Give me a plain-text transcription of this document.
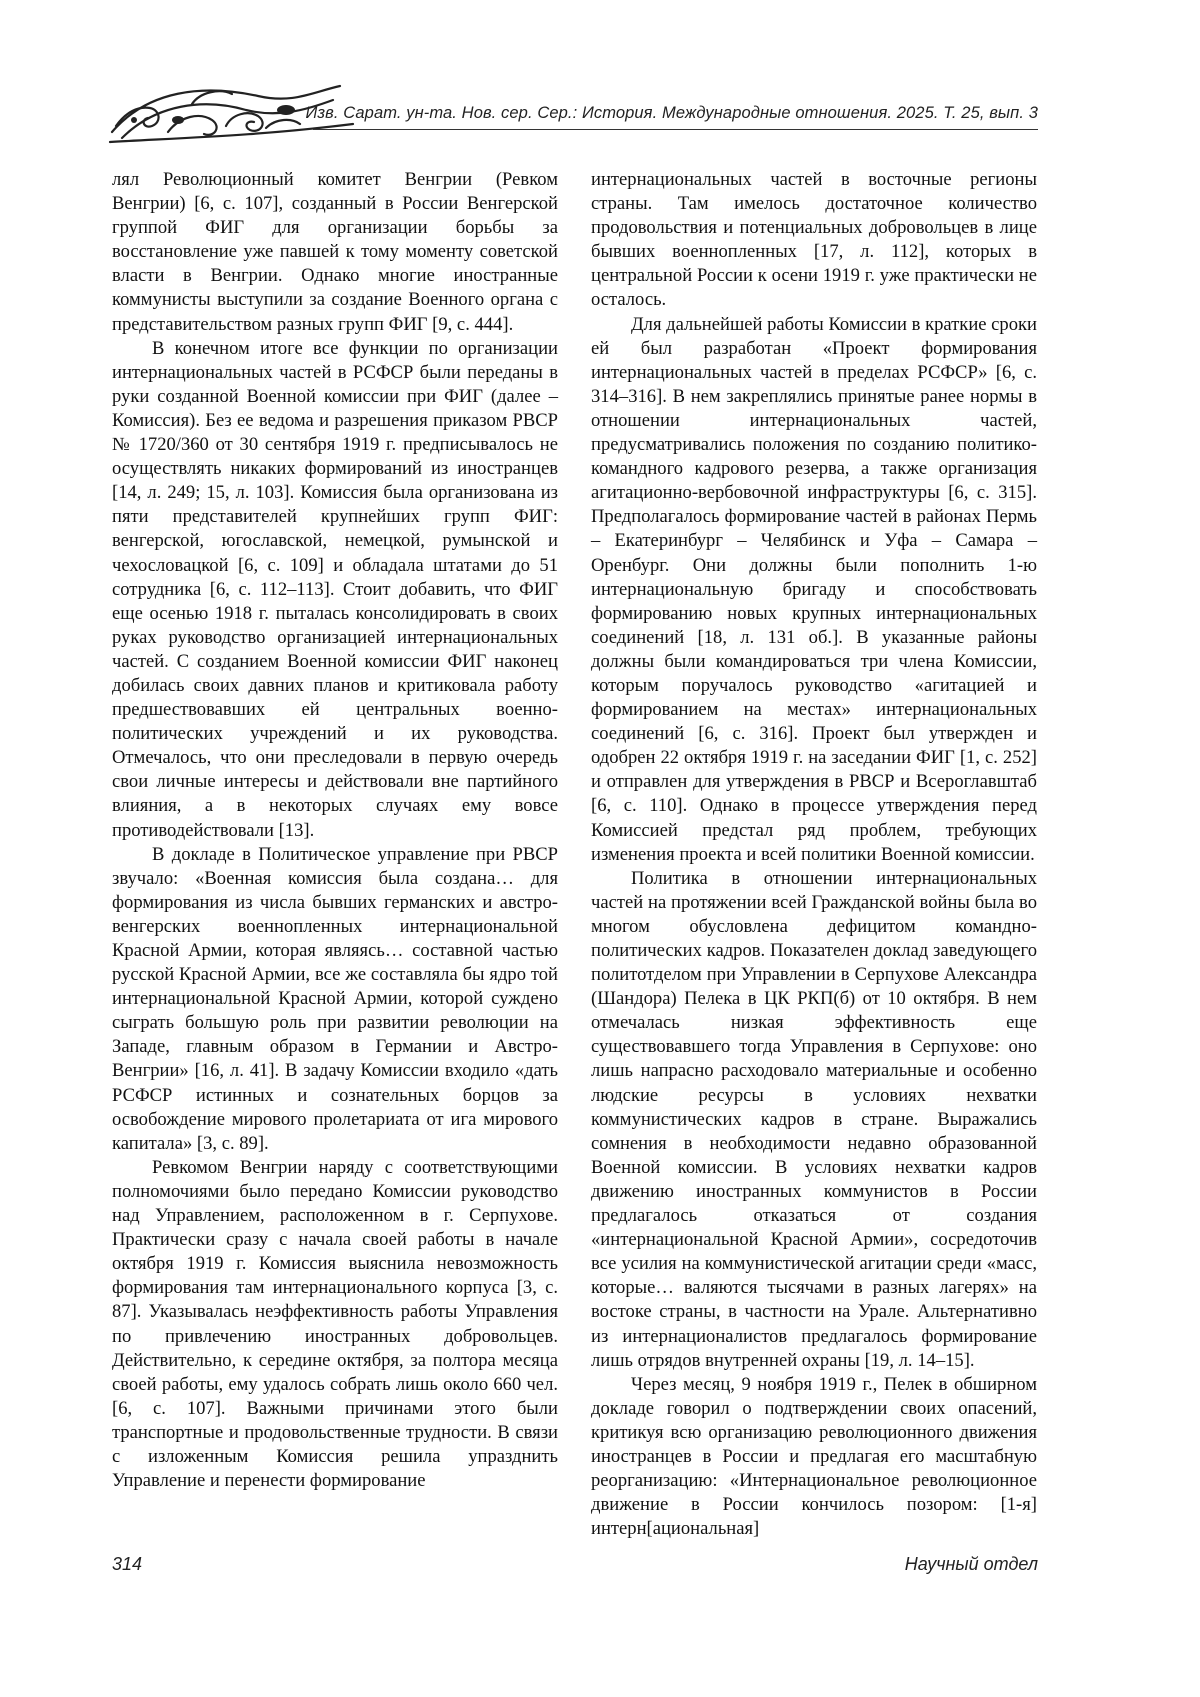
Изв. Сарат. ун-та. Нов. сер. Сер.: История. Международные отношения. 2025. Т. 25, вып. 3

лял Революционный комитет Венгрии (Ревком Венгрии) [6, с. 107], созданный в России Венгерской группой ФИГ для организации борьбы за восстановление уже павшей к тому моменту советской власти в Венгрии. Однако многие иностранные коммунисты выступили за создание Военного органа с представительством разных групп ФИГ [9, с. 444].

В конечном итоге все функции по организации интернациональных частей в РСФСР были переданы в руки созданной Военной комиссии при ФИГ (далее – Комиссия). Без ее ведома и разрешения приказом РВСР № 1720/360 от 30 сентября 1919 г. предписывалось не осуществлять никаких формирований из иностранцев [14, л. 249; 15, л. 103]. Комиссия была организована из пяти представителей крупнейших групп ФИГ: венгерской, югославской, немецкой, румынской и чехословацкой [6, с. 109] и обладала штатами до 51 сотрудника [6, с. 112–113]. Стоит добавить, что ФИГ еще осенью 1918 г. пыталась консолидировать в своих руках руководство организацией интернациональных частей. С созданием Военной комиссии ФИГ наконец добилась своих давних планов и критиковала работу предшествовавших ей центральных военно-политических учреждений и их руководства. Отмечалось, что они преследовали в первую очередь свои личные интересы и действовали вне партийного влияния, а в некоторых случаях ему вовсе противодействовали [13].

В докладе в Политическое управление при РВСР звучало: «Военная комиссия была создана… для формирования из числа бывших германских и австро-венгерских военнопленных интернациональной Красной Армии, которая являясь… составной частью русской Красной Армии, все же составляла бы ядро той интернациональной Красной Армии, которой суждено сыграть большую роль при развитии революции на Западе, главным образом в Германии и Австро-Венгрии» [16, л. 41]. В задачу Комиссии входило «дать РСФСР истинных и сознательных борцов за освобождение мирового пролетариата от ига мирового капитала» [3, с. 89].

Ревкомом Венгрии наряду с соответствующими полномочиями было передано Комиссии руководство над Управлением, расположенном в г. Серпухове. Практически сразу с начала своей работы в начале октября 1919 г. Комиссия выяснила невозможность формирования там интернационального корпуса [3, с. 87]. Указывалась неэффективность работы Управления по привлечению иностранных добровольцев. Действительно, к середине октября, за полтора месяца своей работы, ему удалось собрать лишь около 660 чел. [6, с. 107]. Важными причинами этого были транспортные и продовольственные трудности. В связи с изложенным Комиссия решила упразднить Управление и перенести формирование

интернациональных частей в восточные регионы страны. Там имелось достаточное количество продовольствия и потенциальных добровольцев в лице бывших военнопленных [17, л. 112], которых в центральной России к осени 1919 г. уже практически не осталось.

Для дальнейшей работы Комиссии в краткие сроки ей был разработан «Проект формирования интернациональных частей в пределах РСФСР» [6, с. 314–316]. В нем закреплялись принятые ранее нормы в отношении интернациональных частей, предусматривались положения по созданию политико-командного кадрового резерва, а также организация агитационно-вербовочной инфраструктуры [6, с. 315]. Предполагалось формирование частей в районах Пермь – Екатеринбург – Челябинск и Уфа – Самара – Оренбург. Они должны были пополнить 1-ю интернациональную бригаду и способствовать формированию новых крупных интернациональных соединений [18, л. 131 об.]. В указанные районы должны были командироваться три члена Комиссии, которым поручалось руководство «агитацией и формированием на местах» интернациональных соединений [6, с. 316]. Проект был утвержден и одобрен 22 октября 1919 г. на заседании ФИГ [1, с. 252] и отправлен для утверждения в РВСР и Всероглавштаб [6, с. 110]. Однако в процессе утверждения перед Комиссией предстал ряд проблем, требующих изменения проекта и всей политики Военной комиссии.

Политика в отношении интернациональных частей на протяжении всей Гражданской войны была во многом обусловлена дефицитом командно-политических кадров. Показателен доклад заведующего политотделом при Управлении в Серпухове Александра (Шандора) Пелека в ЦК РКП(б) от 10 октября. В нем отмечалась низкая эффективность еще существовавшего тогда Управления в Серпухове: оно лишь напрасно расходовало материальные и особенно людские ресурсы в условиях нехватки коммунистических кадров в стране. Выражались сомнения в необходимости недавно образованной Военной комиссии. В условиях нехватки кадров движению иностранных коммунистов в России предлагалось отказаться от создания «интернациональной Красной Армии», сосредоточив все усилия на коммунистической агитации среди «масс, которые… валяются тысячами в разных лагерях» на востоке страны, в частности на Урале. Альтернативно из интернационалистов предлагалось формирование лишь отрядов внутренней охраны [19, л. 14–15].

Через месяц, 9 ноября 1919 г., Пелек в обширном докладе говорил о подтверждении своих опасений, критикуя всю организацию революционного движения иностранцев в России и предлагая его масштабную реорганизацию: «Интернациональное революционное движение в России кончилось позором: [1-я] интерн[ациональная]

314	Научный отдел
